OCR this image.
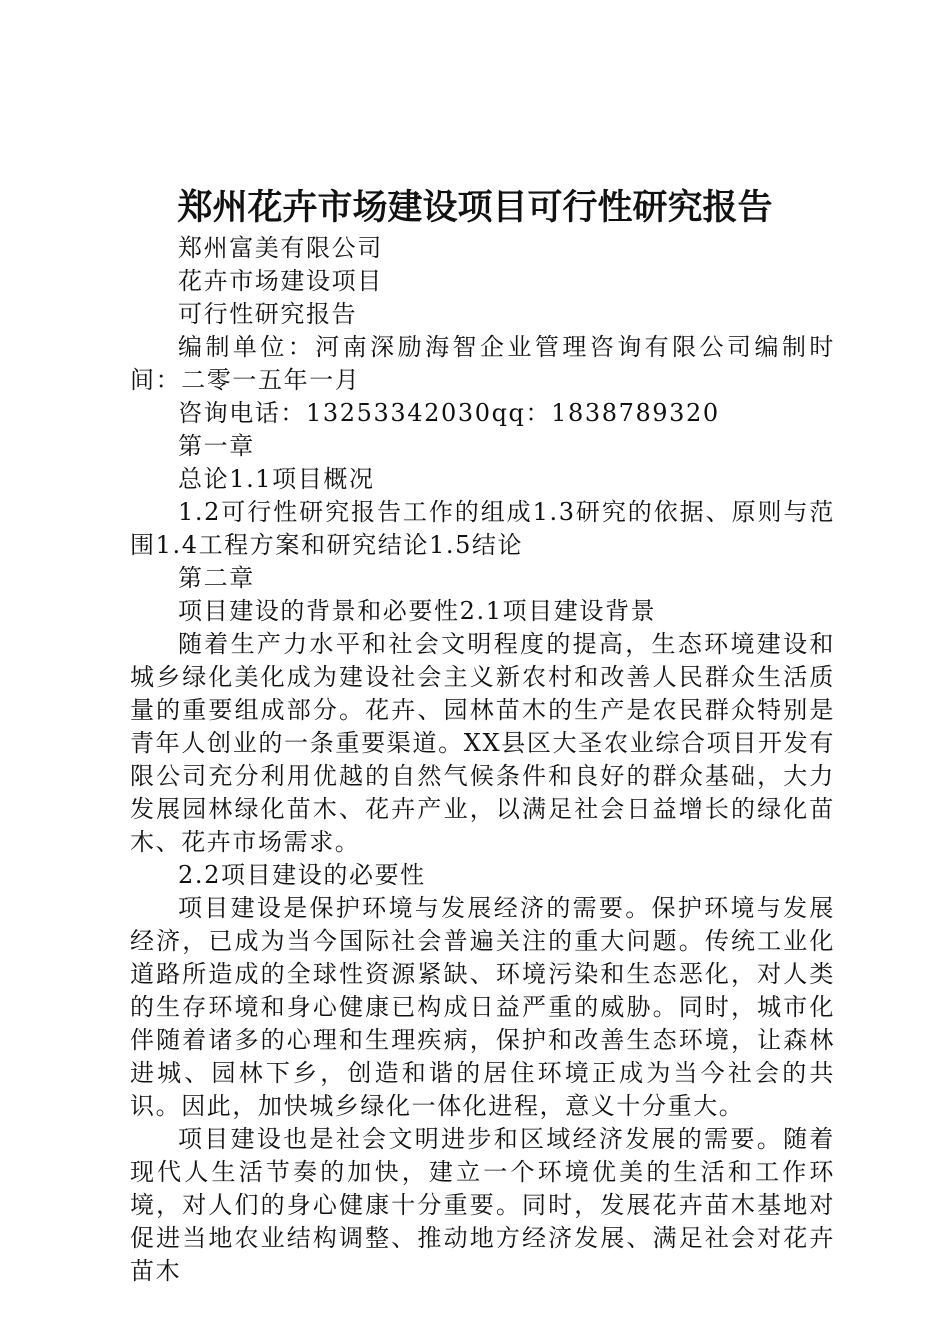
郑州花卉市场建设项目可行性研究报告

郑州富美有限公司

花卉市场建设项目

可行性研究报告

编制单位：河南深励海智企业管理咨询有限公司编制时间：二零一五年一月

咨询电话：13253342030qq：1838789320

第一章

总论1.1项目概况

1.2可行性研究报告工作的组成1.3研究的依据、原则与范围1.4工程方案和研究结论1.5结论

第二章

项目建设的背景和必要性2.1项目建设背景

随着生产力水平和社会文明程度的提高，生态环境建设和城乡绿化美化成为建设社会主义新农村和改善人民群众生活质量的重要组成部分。花卉、园林苗木的生产是农民群众特别是青年人创业的一条重要渠道。XX县区大圣农业综合项目开发有限公司充分利用优越的自然气候条件和良好的群众基础，大力发展园林绿化苗木、花卉产业，以满足社会日益增长的绿化苗木、花卉市场需求。

2.2项目建设的必要性

项目建设是保护环境与发展经济的需要。保护环境与发展经济，已成为当今国际社会普遍关注的重大问题。传统工业化道路所造成的全球性资源紧缺、环境污染和生态恶化，对人类的生存环境和身心健康已构成日益严重的威胁。同时，城市化伴随着诸多的心理和生理疾病，保护和改善生态环境，让森林进城、园林下乡，创造和谐的居住环境正成为当今社会的共识。因此，加快城乡绿化一体化进程，意义十分重大。

项目建设也是社会文明进步和区域经济发展的需要。随着现代人生活节奏的加快，建立一个环境优美的生活和工作环境，对人们的身心健康十分重要。同时，发展花卉苗木基地对促进当地农业结构调整、推动地方经济发展、满足社会对花卉苗木
